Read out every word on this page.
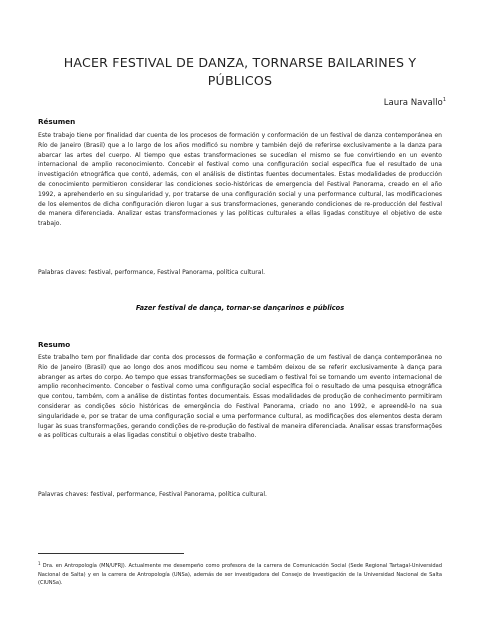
HACER FESTIVAL DE DANZA, TORNARSE BAILARINES Y PÚBLICOS
Laura Navallo$^1$
Résumen
Este trabajo tiene por finalidad dar cuenta de los procesos de formación y conformación de un festival de danza contemporánea en Río de Janeiro (Brasil) que a lo largo de los años modificó su nombre y también dejó de referirse exclusivamente a la danza para abarcar las artes del cuerpo. Al tiempo que estas transformaciones se sucedían el mismo se fue convirtiendo en un evento internacional de amplio reconocimiento. Concebir el festival como una configuración social específica fue el resultado de una investigación etnográfica que contó, además, con el análisis de distintas fuentes documentales. Estas modalidades de producción de conocimiento permitieron considerar las condiciones socio-históricas de emergencia del Festival Panorama, creado en el año 1992, a aprehenderlo en su singularidad y, por tratarse de una configuración social y una performance cultural, las modificaciones de los elementos de dicha configuración dieron lugar a sus transformaciones, generando condiciones de re-producción del festival de manera diferenciada. Analizar estas transformaciones y las políticas culturales a ellas ligadas constituye el objetivo de este trabajo.
Palabras claves: festival, performance, Festival Panorama, política cultural.
Fazer festival de dança, tornar-se dançarinos e públicos
Resumo
Este trabalho tem por finalidade dar conta dos processos de formação e conformação de um festival de dança contemporânea no Rio de Janeiro (Brasil) que ao longo dos anos modificou seu nome e também deixou de se referir exclusivamente à dança para abranger as artes do corpo. Ao tempo que essas transformações se sucediam o festival foi se tornando um evento internacional de amplio reconhecimento. Conceber o festival como uma configuração social específica foi o resultado de uma pesquisa etnográfica que contou, também, com a análise de distintas fontes documentais. Essas modalidades de produção de conhecimento permitiram considerar as condições sócio históricas de emergência do Festival Panorama, criado no ano 1992, e apreendê-lo na sua singularidade e, por se tratar de uma configuração social e uma performance cultural, as modificações dos elementos desta deram lugar às suas transformações, gerando condições de re-produção do festival de maneira diferenciada. Analisar essas transformações e as políticas culturais a elas ligadas constitui o objetivo deste trabalho.
Palavras chaves: festival, performance, Festival Panorama, política cultural.
$^1$ Dra. en Antropología (MN/UFRJ). Actualmente me desempeño como profesora de la carrera de Comunicación Social (Sede Regional Tartagal-Universidad Nacional de Salta) y en la carrera de Antropología (UNSa), además de ser investigadora del Consejo de Investigación de la Universidad Nacional de Salta (CIUNSa).
